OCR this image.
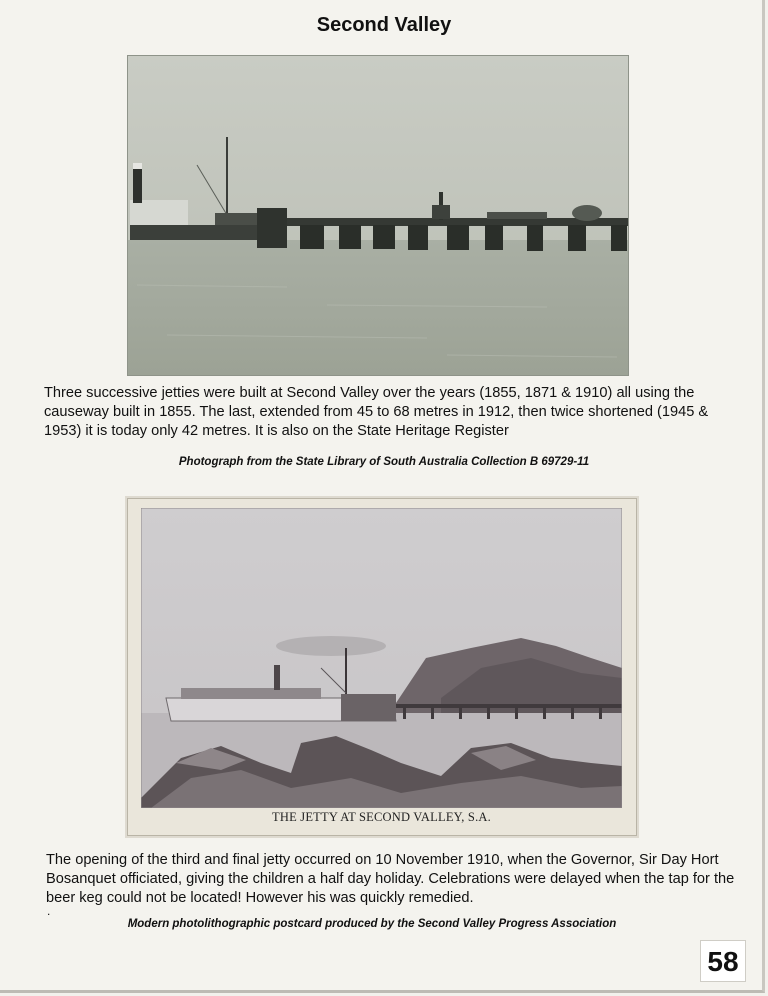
Second Valley
Three successive jetties were built at Second Valley over the years (1855, 1871 & 1910) all using the causeway built in 1855. The last, extended from 45 to 68 metres in 1912, then twice shortened (1945 & 1953) it is today only 42 metres. It is also on the State Heritage Register
Photograph from the State Library of South Australia Collection B 69729-11
THE JETTY AT SECOND VALLEY, S.A.
The opening of the third and final jetty occurred on 10 November 1910, when the Governor, Sir Day Hort Bosanquet officiated, giving the children a half day holiday. Celebrations were delayed when the tap for the beer keg could not be located! However his was quickly remedied.
.
Modern photolithographic postcard produced by the Second Valley Progress Association
58
